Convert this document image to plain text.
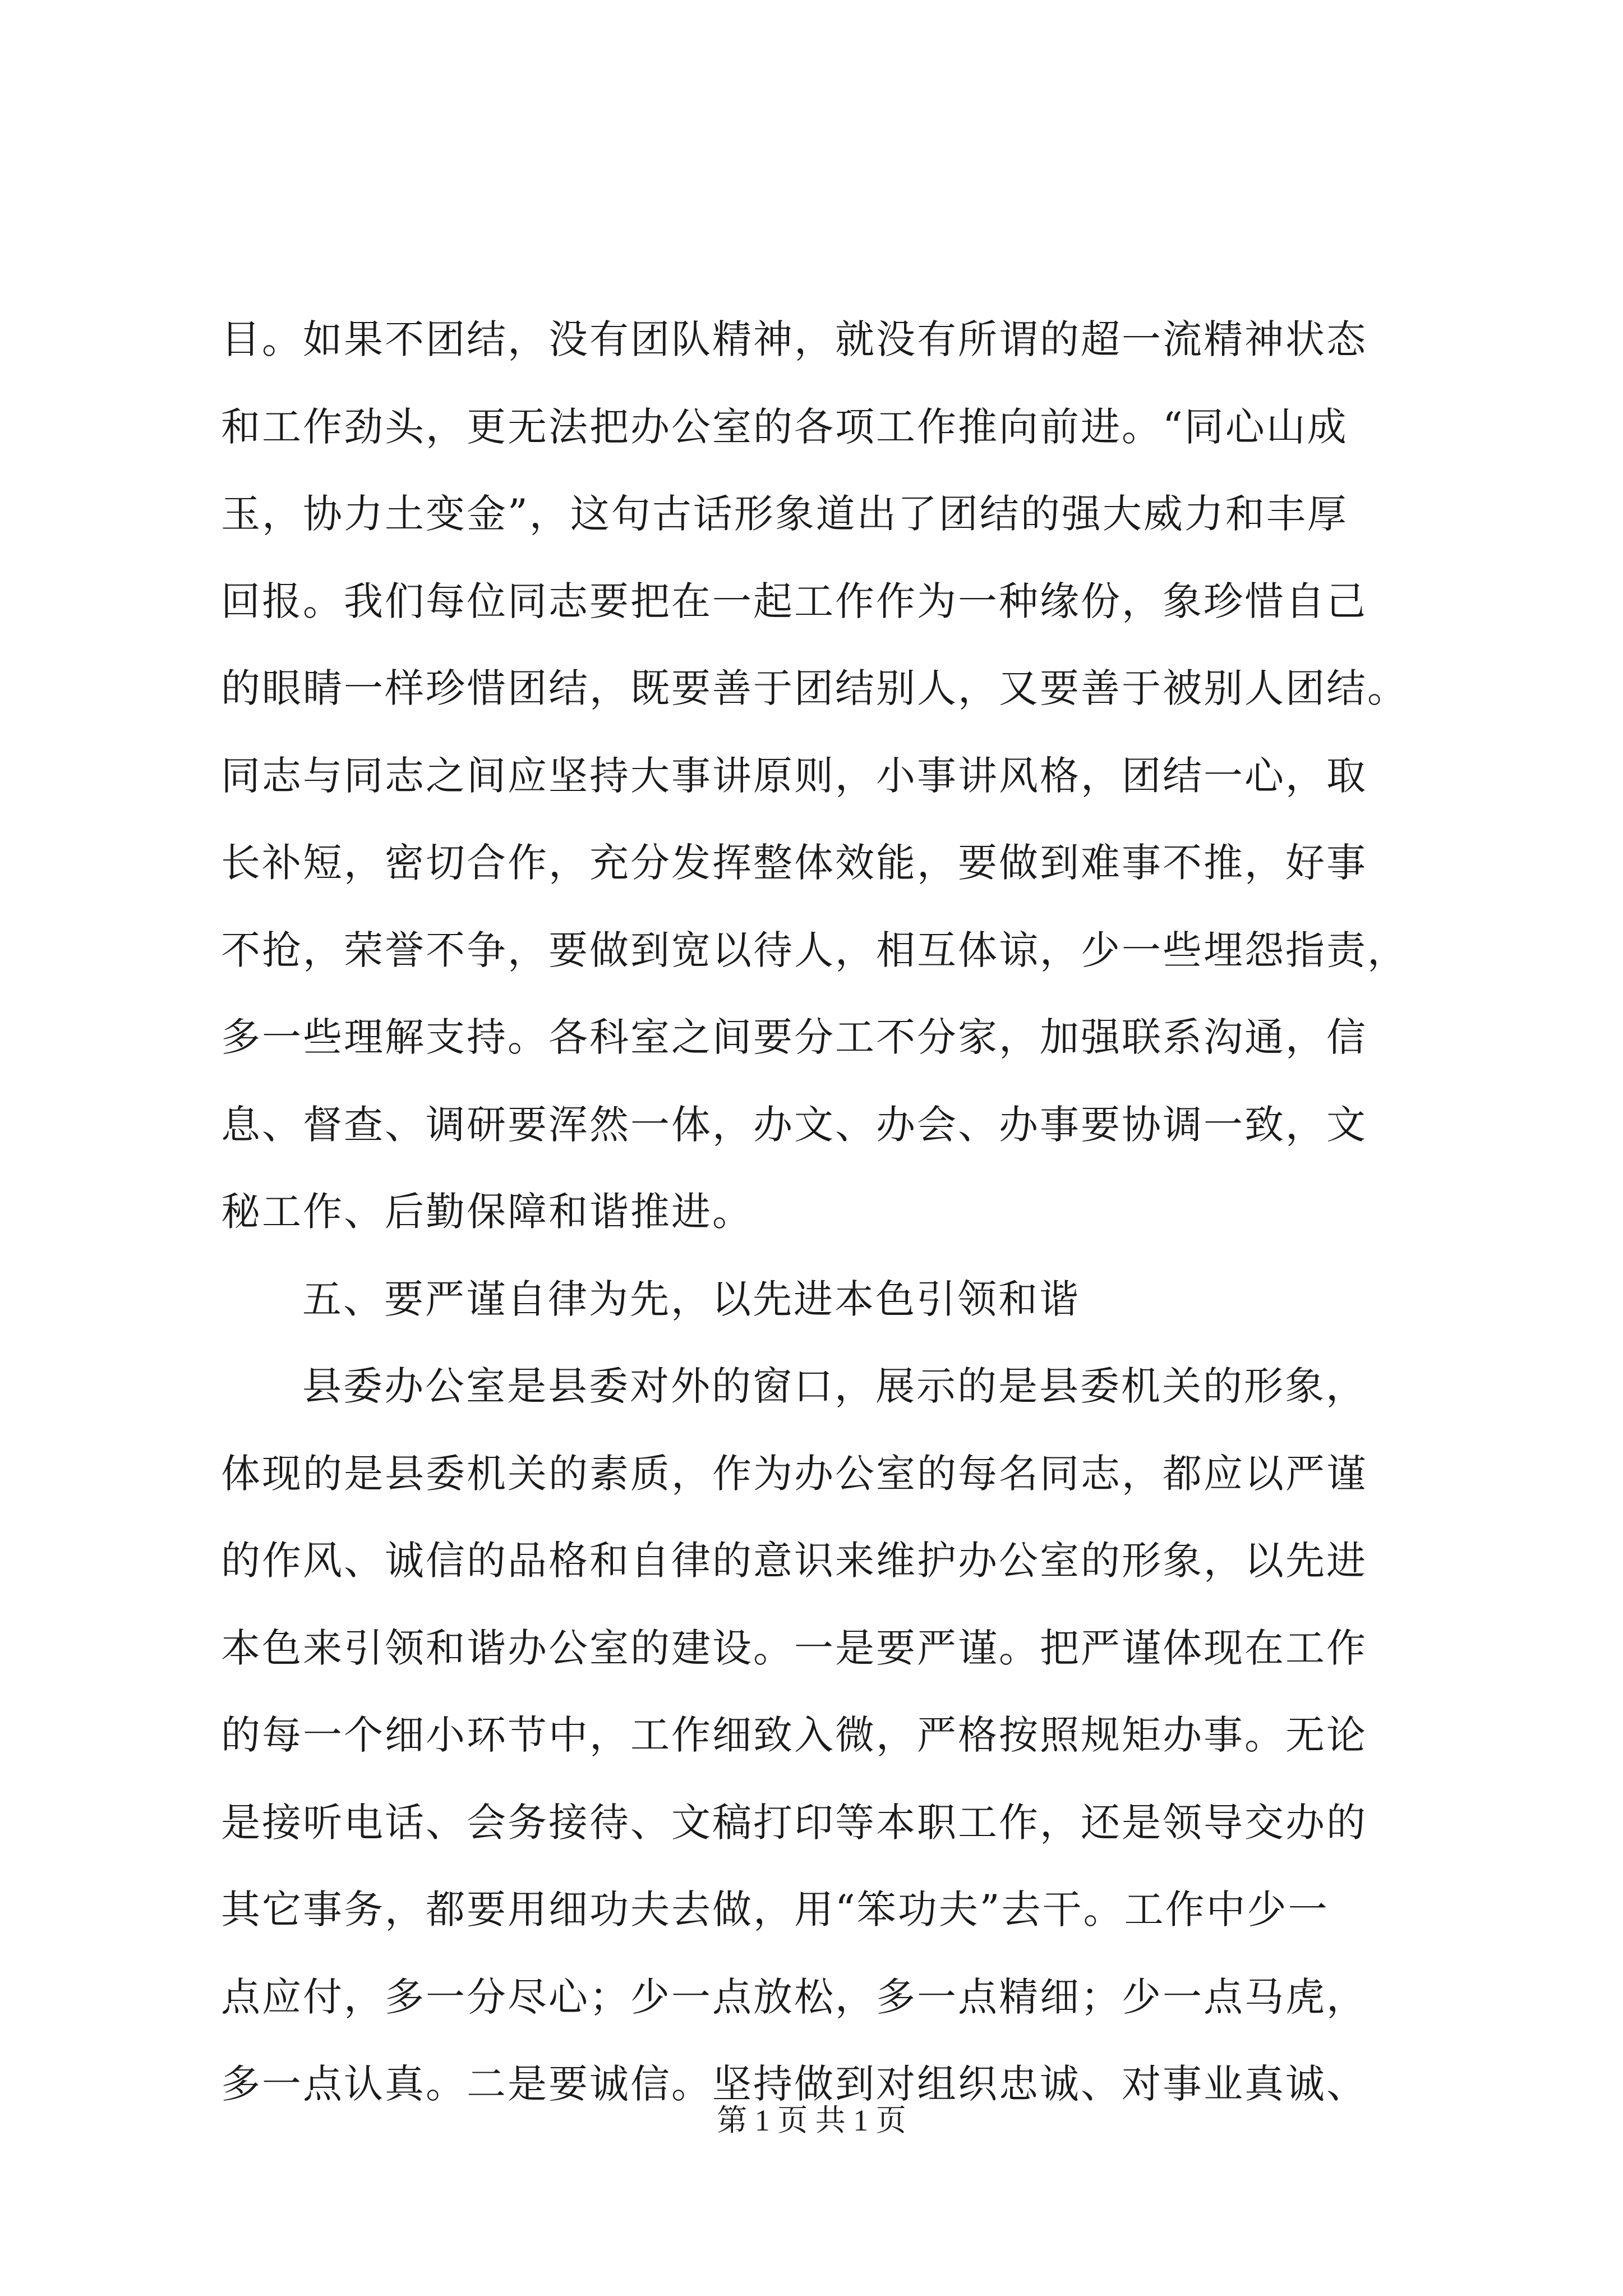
目。如果不团结，没有团队精神，就没有所谓的超一流精神状态
和工作劲头，更无法把办公室的各项工作推向前进。“同心山成
玉，协力土变金”，这句古话形象道出了团结的强大威力和丰厚
回报。我们每位同志要把在一起工作作为一种缘份，象珍惜自己
的眼睛一样珍惜团结，既要善于团结别人，又要善于被别人团结。
同志与同志之间应坚持大事讲原则，小事讲风格，团结一心，取
长补短，密切合作，充分发挥整体效能，要做到难事不推，好事
不抢，荣誉不争，要做到宽以待人，相互体谅，少一些埋怨指责，
多一些理解支持。各科室之间要分工不分家，加强联系沟通，信
息、督查、调研要浑然一体，办文、办会、办事要协调一致，文
秘工作、后勤保障和谐推进。
五、要严谨自律为先，以先进本色引领和谐
县委办公室是县委对外的窗口，展示的是县委机关的形象，
体现的是县委机关的素质，作为办公室的每名同志，都应以严谨
的作风、诚信的品格和自律的意识来维护办公室的形象，以先进
本色来引领和谐办公室的建设。一是要严谨。把严谨体现在工作
的每一个细小环节中，工作细致入微，严格按照规矩办事。无论
是接听电话、会务接待、文稿打印等本职工作，还是领导交办的
其它事务，都要用细功夫去做，用“笨功夫”去干。工作中少一
点应付，多一分尽心；少一点放松，多一点精细；少一点马虎，
多一点认真。二是要诚信。坚持做到对组织忠诚、对事业真诚、
第 1 页 共 1 页
